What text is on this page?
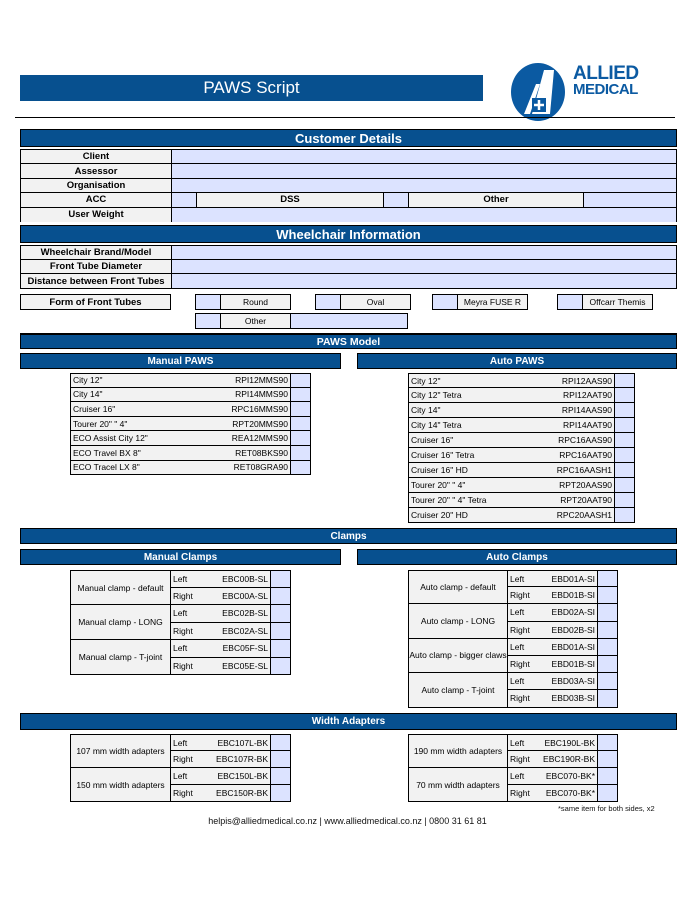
PAWS Script
ALLIED
MEDICAL
Customer Details
Client
Assessor
Organisation
ACC	DSS	Other
User Weight
Wheelchair Information
Wheelchair Brand/Model
Front Tube Diameter
Distance between Front Tubes
PAWS Model
Manual PAWS	Auto PAWS
City 12"	RPI12MMS90
City 14"	RPI14MMS90
Cruiser 16"	RPC16MMS90
Tourer 20" " 4"	RPT20MMS90
ECO Assist City 12"	REA12MMS90
ECO Travel BX 8"	RET08BKS90
ECO Tracel LX 8"	RET08GRA90
City 12"	RPI12AAS90
City 12" Tetra	RPI12AAT90
City 14"	RPI14AAS90
City 14" Tetra	RPI14AAT90
Cruiser 16"	RPC16AAS90
Cruiser 16" Tetra	RPC16AAT90
Cruiser 16" HD	RPC16AASH1
Tourer 20" " 4"	RPT20AAS90
Tourer 20" " 4" Tetra	RPT20AAT90
Cruiser 20" HD	RPC20AASH1
Clamps
Manual Clamps	Auto Clamps
Manual clamp - default
Left	EBC00B-SL
Right	EBC00A-SL
Manual clamp - LONG
Left	EBC02B-SL
Right	EBC02A-SL
Manual clamp - T-joint
Left	EBC05F-SL
Right	EBC05E-SL
Auto clamp - default
Left	EBD01A-SI
Right	EBD01B-SI
Auto clamp - LONG
Left	EBD02A-SI
Right	EBD02B-SI
Auto clamp - bigger claws
Left	EBD01A-SI
Right	EBD01B-SI
Auto clamp - T-joint
Left	EBD03A-SI
Right	EBD03B-SI
Width Adapters
107 mm width adapters
Left	EBC107L-BK
Right	EBC107R-BK
150 mm width adapters
Left	EBC150L-BK
Right	EBC150R-BK
190 mm width adapters
Left	EBC190L-BK
Right	EBC190R-BK
70 mm width adapters
Left	EBC070-BK*
Right	EBC070-BK*
*same item for both sides, x2
helpis@alliedmedical.co.nz | www.alliedmedical.co.nz | 0800 31 61 81
Form of Front Tubes	Round	Oval	Meyra FUSE R	Offcarr Themis
Other
